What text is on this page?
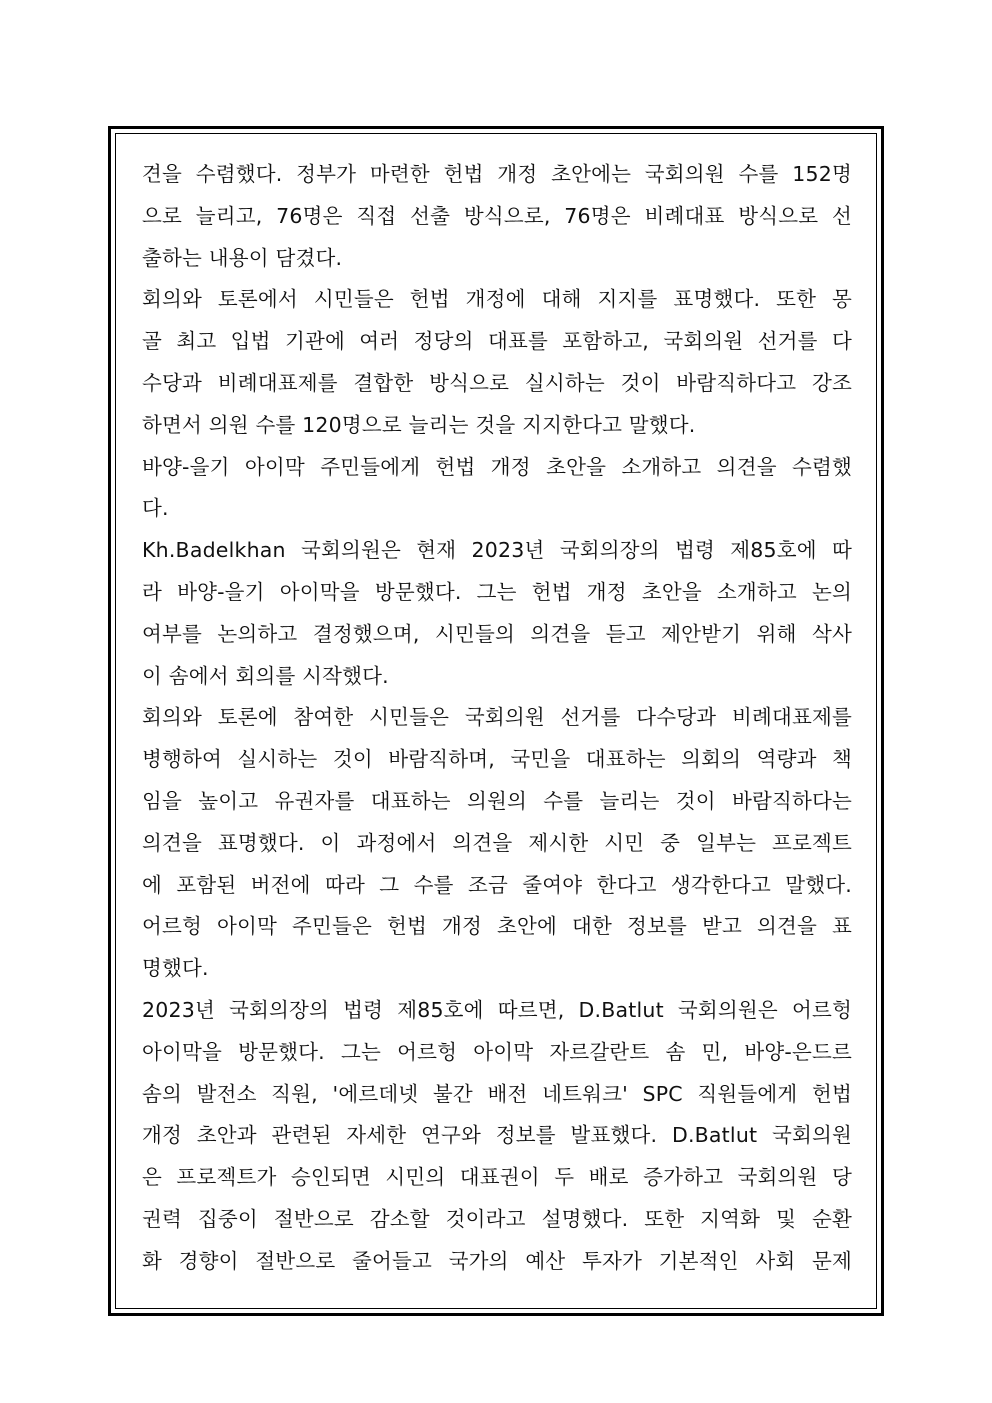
견을 수렴했다. 정부가 마련한 헌법 개정 초안에는 국회의원 수를 152명
으로 늘리고, 76명은 직접 선출 방식으로, 76명은 비례대표 방식으로 선
출하는 내용이 담겼다.
회의와 토론에서 시민들은 헌법 개정에 대해 지지를 표명했다. 또한 몽
골 최고 입법 기관에 여러 정당의 대표를 포함하고, 국회의원 선거를 다
수당과 비례대표제를 결합한 방식으로 실시하는 것이 바람직하다고 강조
하면서 의원 수를 120명으로 늘리는 것을 지지한다고 말했다.
바양-을기 아이막 주민들에게 헌법 개정 초안을 소개하고 의견을 수렴했
다.
Kh.Badelkhan 국회의원은 현재 2023년 국회의장의 법령 제85호에 따
라 바양-을기 아이막을 방문했다. 그는 헌법 개정 초안을 소개하고 논의
여부를 논의하고 결정했으며, 시민들의 의견을 듣고 제안받기 위해 삭사
이 솜에서 회의를 시작했다.
회의와 토론에 참여한 시민들은 국회의원 선거를 다수당과 비례대표제를
병행하여 실시하는 것이 바람직하며, 국민을 대표하는 의회의 역량과 책
임을 높이고 유권자를 대표하는 의원의 수를 늘리는 것이 바람직하다는
의견을 표명했다. 이 과정에서 의견을 제시한 시민 중 일부는 프로젝트
에 포함된 버전에 따라 그 수를 조금 줄여야 한다고 생각한다고 말했다.
어르헝 아이막 주민들은 헌법 개정 초안에 대한 정보를 받고 의견을 표
명했다.
2023년 국회의장의 법령 제85호에 따르면, D.Batlut 국회의원은 어르헝
아이막을 방문했다. 그는 어르헝 아이막 자르갈란트 솜 민, 바양-은드르
솜의 발전소 직원, '에르데넷 불간 배전 네트워크' SPC 직원들에게 헌법
개정 초안과 관련된 자세한 연구와 정보를 발표했다. D.Batlut 국회의원
은 프로젝트가 승인되면 시민의 대표권이 두 배로 증가하고 국회의원 당
권력 집중이 절반으로 감소할 것이라고 설명했다. 또한 지역화 및 순환
화 경향이 절반으로 줄어들고 국가의 예산 투자가 기본적인 사회 문제
